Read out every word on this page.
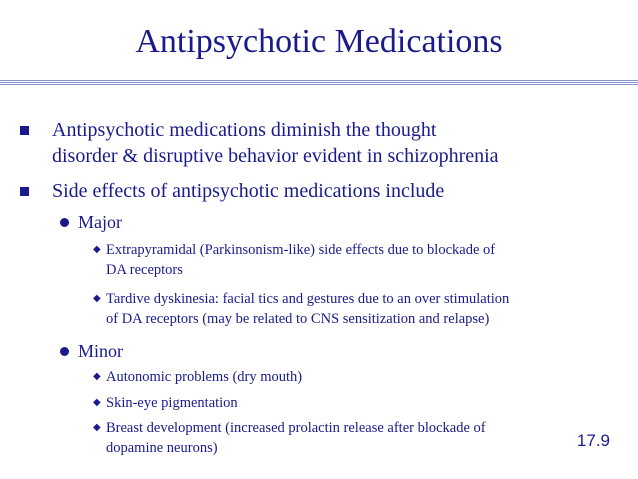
Antipsychotic Medications
Antipsychotic medications diminish the thought
disorder & disruptive behavior evident in schizophrenia
Side effects of antipsychotic medications include
Major
◆ Extrapyramidal (Parkinsonism-like) side effects due to blockade of
DA receptors
◆ Tardive dyskinesia: facial tics and gestures due to an over stimulation
of DA receptors (may be related to CNS sensitization and relapse)
Minor
◆ Autonomic problems (dry mouth)
◆ Skin-eye pigmentation
◆ Breast development (increased prolactin release after blockade of
dopamine neurons)	17.9
